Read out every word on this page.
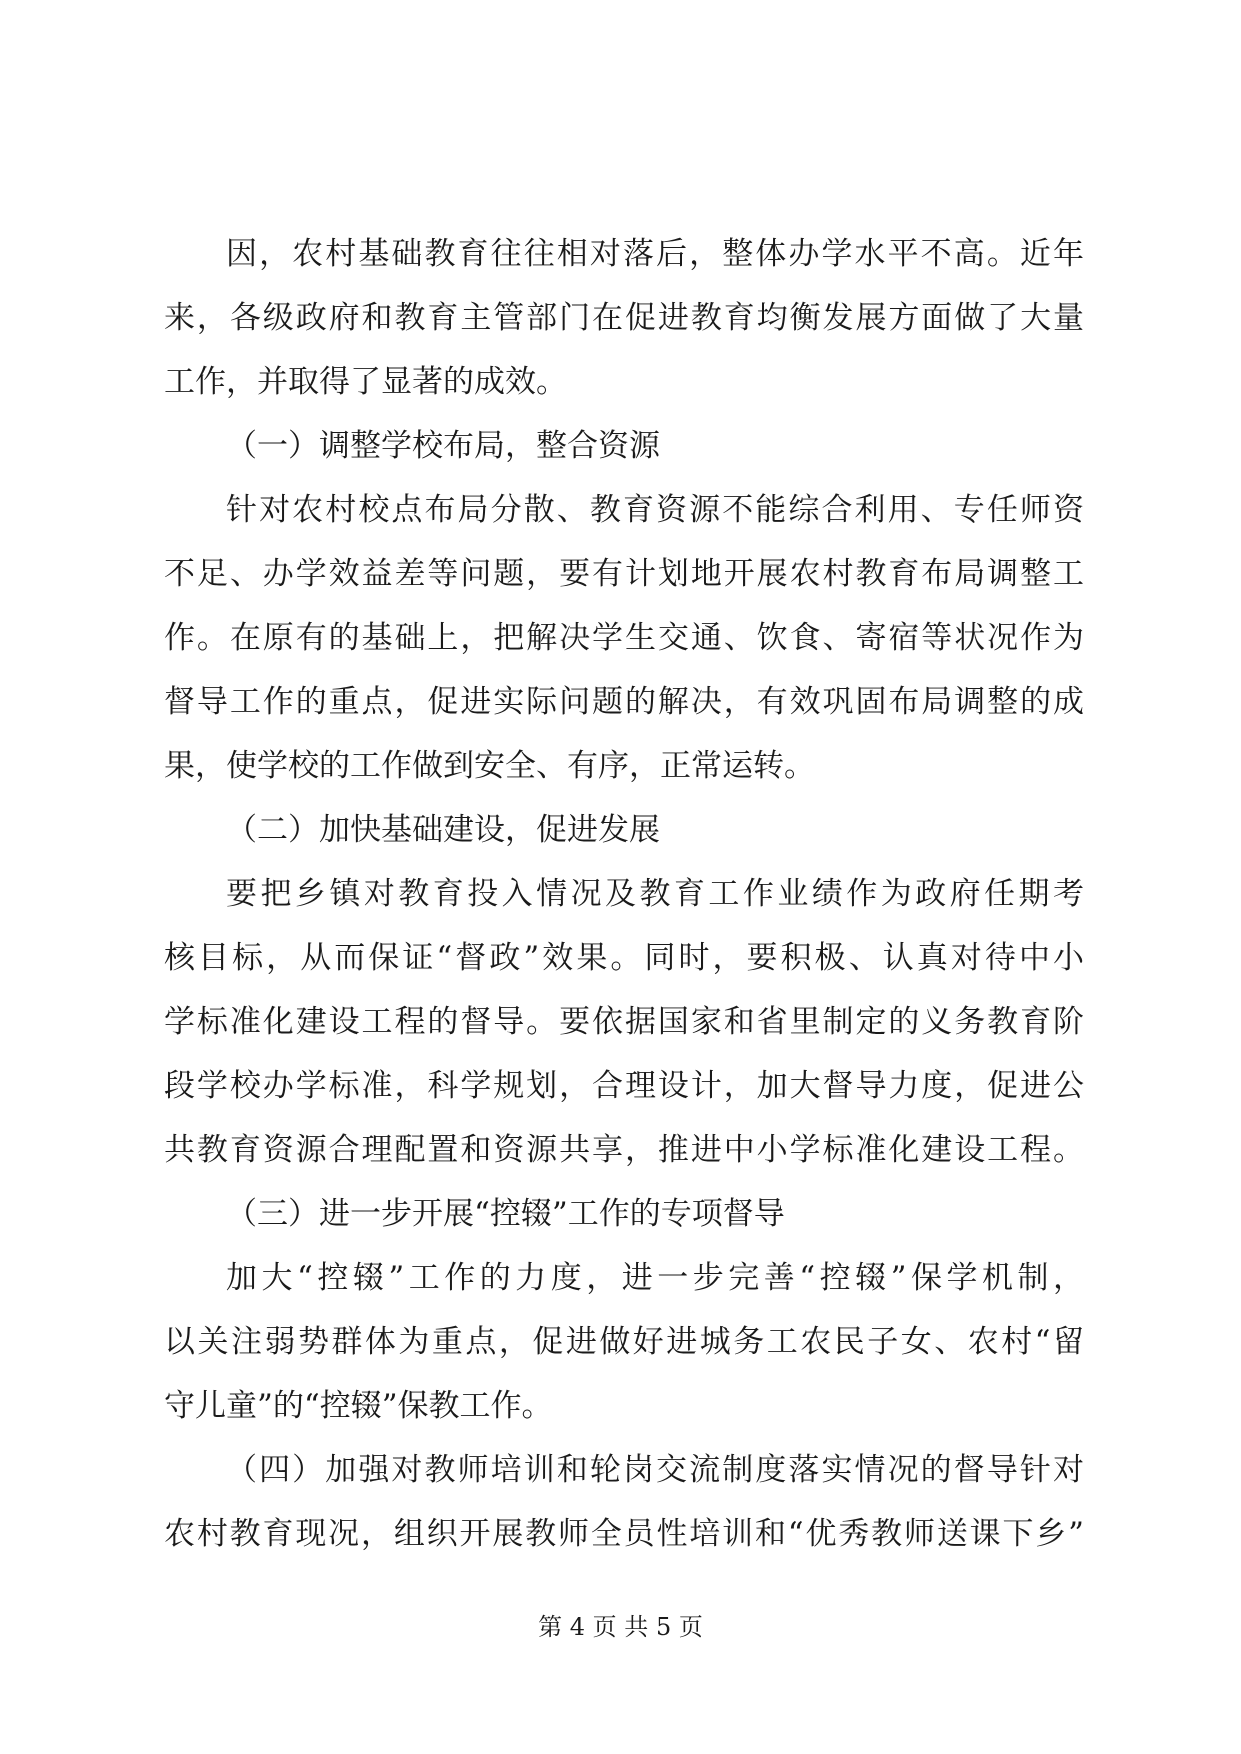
因，农村基础教育往往相对落后，整体办学水平不高。近年
来，各级政府和教育主管部门在促进教育均衡发展方面做了大量
工作，并取得了显著的成效。
（一）调整学校布局，整合资源
针对农村校点布局分散、教育资源不能综合利用、专任师资
不足、办学效益差等问题，要有计划地开展农村教育布局调整工
作。在原有的基础上，把解决学生交通、饮食、寄宿等状况作为
督导工作的重点，促进实际问题的解决，有效巩固布局调整的成
果，使学校的工作做到安全、有序，正常运转。
（二）加快基础建设，促进发展
要把乡镇对教育投入情况及教育工作业绩作为政府任期考
核目标，从而保证“督政”效果。同时，要积极、认真对待中小
学标准化建设工程的督导。要依据国家和省里制定的义务教育阶
段学校办学标准，科学规划，合理设计，加大督导力度，促进公
共教育资源合理配置和资源共享，推进中小学标准化建设工程。
（三）进一步开展“控辍”工作的专项督导
加大“控辍”工作的力度，进一步完善“控辍”保学机制，
以关注弱势群体为重点，促进做好进城务工农民子女、农村“留
守儿童”的“控辍”保教工作。
（四）加强对教师培训和轮岗交流制度落实情况的督导针对
农村教育现况，组织开展教师全员性培训和“优秀教师送课下乡”
第 4 页 共 5 页
